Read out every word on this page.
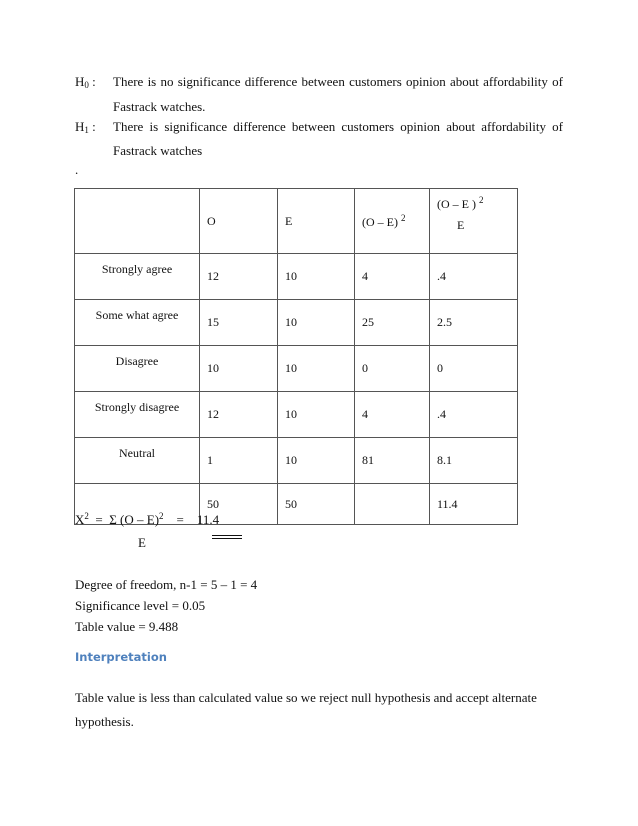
$H_0$ : There is no significance difference between customers opinion about affordability of
Fastrack watches.
$H_1$ : There is significance difference between customers opinion about affordability of
Fastrack watches
.
	O	E	(O – E) $^2$	(O – E ) $^2$
E

Strongly agree	12	10	4	.4
Some what agree	15	10	25	2.5
Disagree	10	10	0	0
Strongly disagree	12	10	4	.4
Neutral	1	10	81	8.1
	50	50		11.4
$X^2 = \Sigma$ (O – E)$^2$ = 11.4
E
Degree of freedom, n-1 = 5 – 1 = 4
Significance level = 0.05
Table value = 9.488
Interpretation
Table value is less than calculated value so we reject null hypothesis and accept alternate
hypothesis.
